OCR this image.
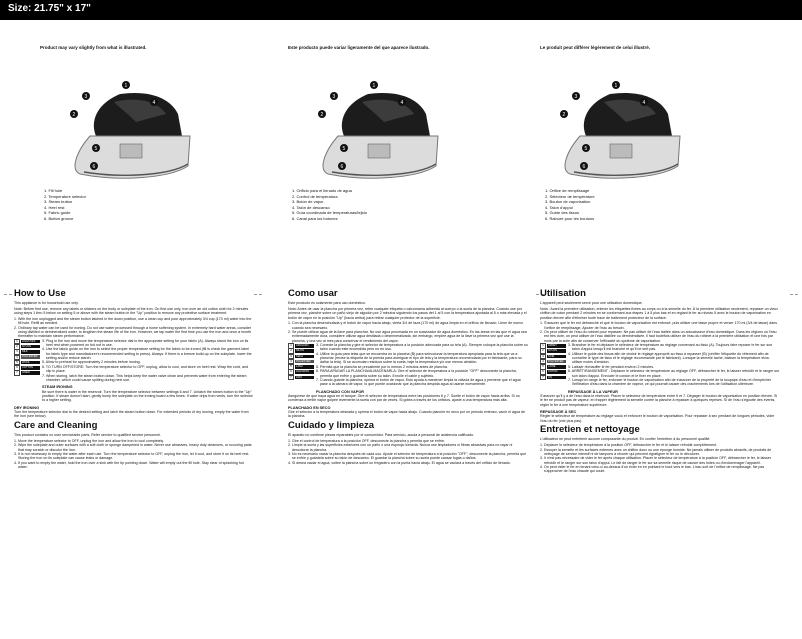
Size: 21.75" x 17"
Product may vary slightly from what is illustrated.	Este producto puede variar ligeramente del que aparece ilustrado.	Le produit peut différer légèrement de celui illustré.
1
2
3
4
5
6
1
2
3
4
5
6
1
2
3
4
5
6
1. Fill hole
2. Temperature selector
3. Steam button
4. Heel rest
5. Fabric guide
6. Button groove
1. Orificio para el llenado de agua
2. Control de temperatura
3. Botón de vapor
4. Talón de descanso
5. Guía coordinada de temperaturas/tejido
6. Canal para los botones
1. Orifice de remplissage
2. Sélecteur de température
3. Bouton de vaporisation
4. Talon d'appui
5. Guide des tissus
6. Rainure pour les boutons
How to Use

This appliance is for household use only.

Note: Before first use, remove any labels or stickers on the body or soleplate of the iron. On first use only, iron over an old cotton cloth for 2 minutes using steps 1 thru 5 below on setting 5 or above with the steam button in the "Up" position to remove any protective surface treatment.

1. With the iron unplugged and the steam button latched in the down position, use a clean cup and pour approximately 3/4 cup (170 ml) water into the fill hole. Refill as needed.
2. Ordinary tap water can be used for ironing. Do not use water processed through a home softening system. In extremely hard water areas, consider using distilled or demineralized water, to lengthen the steam life of the iron. However, we tap water the first time you use the iron and once a month thereafter to maintain steam performance.
1	LIGHT/OFF
2	NYLON
3	SILK
4	POLYESTER
5	WOOL
6	COTTON
7	LINEN
3. Plug in the iron and move the temperature selector dial to the appropriate setting for your fabric (A). Always stand the iron on its heel rest when powered on but not in use.
4. Use the fabric guide on the iron to select the proper temperature setting for the fabric to be ironed (fill is check the garment label for fabric type and manufacturer's recommended setting to press). Always: If there is a breeze build-up on the soleplate, lower the setting and/or reduce starch.
5. Allow to preheat for approximately 2 minutes before ironing.
6. TO TURN OFF/STORE: Turn the temperature selector to OFF, unplug, allow to cool, and store on heel rest. Wrap the cord, and clip in place.
7. When storing, latch the steam button down. This helps keep the water valve clean and prevents water from entering the steam chamber, which could cause spitting during next use.
STEAM IRONING

Be sure there is water in the reservoir. Turn the temperature selector between settings 6 and 7. Unlatch the steam button to the "Up" position. If steam doesn't start, gently bump the soleplate on the ironing board a few times. If water drips from vents, turn the selector to a higher setting.

DRY IRONING

Turn the temperature selector dial to the desired setting and latch the steam button down. For extended periods of dry ironing, empty the water from the iron (see below).

Care and Cleaning

This product contains no user serviceable parts. Refer service to qualified service personnel.

1. Move the temperature selector to OFF, unplug the iron and allow the iron to cool completely.
2. Wipe the soleplate and outer surfaces with a soft cloth or sponge dampened in water. Never use abrasives, heavy duty cleansers, or scouring pads that may scratch or discolor the iron.
3. It is not necessary to empty the water after each use. Turn the temperature selector to OFF, unplug the iron, let it cool, and store it on its heel rest. Storing the iron on its soleplate can cause leaks or damage.
4. If you want to empty the water, hold the iron over a sink with the tip pointing down. Water will empty out the fill hole. Stay clear of splashing hot water.
Como usar

Este producto es solamente para uso doméstico.

Nota: Antes de usar la plancha por primera vez, retire cualquier etiqueta o calcomanía adherida al cuerpo o la suela de la plancha. Cuando use por primera vez, planche sobre un paño viejo de algodón por 2 minutos siguiendo los pasos del 1 al 5 con la temperatura ajustada al 5 o más elevada y el botón de vapor en la posición "Up" (hacia arriba) para retirar cualquier protector de la superficie.

1. Con la plancha desenchufada y el botón de vapor hacia abajo, vierta 3/4 de taza (170 ml) de agua limpia en el orificio de llenado. Llene de nuevo cuando sea necesario.
2. Se puede utilizar agua de la llave para planchar. No use agua procesada en un suavizador de agua doméstico. En las áreas en las que el agua sea extremadamente dura, considere utilizar agua destilada o desmineralizada, sin embargo, emplee agua de la llave la primera vez que use la plancha, y una vez al mes para conservar el rendimiento del vapor.
1	APAGADO
2	NILÓN
3	SEDA
4	POLIÉSTER
5	LANA
6	ALGODÓN
7	LINO
3. Conecte la plancha y gire el selector de temperatura a la posición adecuada para su tela (A). Siempre coloque la plancha sobre su talón cuando este encendida pero no en uso.
4. Utilice la guía para telas que se encuentra en la plancha (B) para seleccionar la temperatura apropiada para la tela que va a planchar (revise la etiqueta de la prenda para averiguar el tipo de tela y la temperatura recomendada por el fabricante, para no dañar la tela). Si se acumulan residuos sobre la suela, baje la temperatura y/o use menos almidón.
5. Permita que la plancha se precaliente por lo menos 2 minutos antes de plancha.
6. PARA APAGAR LA PLANCHA/ALMACENARLA: Gire el selector de temperatura a la posición "OFF" desconecte la plancha, permita que enfríe y guárdela sobre su talón. Enrolle el cable y sujételo.
7. Cuando guarde la plancha, oprima el botón de vapor. Esto ayuda a mantener limpia la válvula de agua y previene que el agua pase a la cámara de vapor, lo que puede ocasionar que la plancha despida agua al usarse nuevamente.
PLANCHADO CON VAPOR

Asegúrese de que haya agua en el tanque. Gire el selector de temperatura entre las posiciones 6 y 7. Suelte el botón de vapor hacia arriba. Si no comienza a emitir vapor golpee levemente la suela con par de veces. Si gotea a través de los orificios, ajuste a una temperatura más alta.

PLANCHADO EN SECO

Gire el selector a la temperatura deseada y oprima el botón de vapor hacia abajo. Cuando planche en seco por un periodo extenso, vacíe el agua de la plancha.

Cuidado y limpieza

El aparato no contiene piezas reparables por el consumidor. Para servicio, acuda a personal de asistencia calificado.

1. Gire el control de temperatura a la posición OFF, desconecte la plancha y permita que se enfríe.
2. Limpie la suela y las superficies exteriores con un paño o una esponja húmeda. Nunca use limpiadores ni fibras abrasivas para no rayar ni descolorar la plancha.
3. No es necesario vaciar la plancha después de cada uso. Ajuste el selector de temperatura a la posición "OFF", desconecte la plancha, permita que se enfríe y guárdela sobre su talón de descanso. El guardar la plancha sobre su suela puede causar fugas o daños.
4. Si desea vaciar el agua, voltee la plancha sobre un fregadero con la punta hacia abajo. El agua se vaciará a través del orificio de llenado.
Utilisation

L'appareil peut seulement servir pour une utilisation domestique.

Nota : Avant la première utilisation, enlever les étiquettes fixées au corps ou à la semelle du fer. À la première utilisation seulement, repasser un vieux chiffon de coton pendant 2 minutes en se conformant aux étapes 1 à 5 plus bas et en réglant le fer au niveau 5 avec le bouton de vaporisation en position élevée afin d'éliminer toute trace de traitement protecteur de la surface.

1. S'assurer que le fer est débranché et que le bouton de vaporisation est enfoncé, puis utiliser une tasse propre et verser 170 ml (3/4 de tasse) dans l'orifice de remplissage. Ajouter de l'eau au besoin.
2. On peut utiliser de l'eau du robinet pour repasser. Ne pas utiliser de l'eau traitée dans un adoucisseur d'eau domestique. Dans les régions où l'eau est très dure, on peut utiliser de l'eau distillée ou déminéralisée. Il faut toutefois utiliser de l'eau du robinet à la première utilisation et une fois par mois par la suite afin de conserver l'efficacité du système de vaporisation.
1	ARRÊT
2	NYLON
3	SOIE
4	POLYESTER
5	LAINE
6	COTON
7	LIN
3. Brancher le fer et déplacer le sélecteur de température au réglage convenant au tissu (A). Toujours faire reposer le fer sur son talon d'appui lorsqu'il est branché et qu'il ne sert pas.
4. Utiliser le guide des tissus afin de choisir le réglage approprié au tissu à repasser (B) (vérifier l'étiquette du vêtement afin de connaître le type de tissu et le réglage recommandé par le fabricant). Lorsque la semelle tache, baisser la température et/ou utiliser moins d'amidon.
5. Laisser réchauffer le fer pendant environ 2 minutes.
6. ARRÊT/RANGEMENT : Déplacer le sélecteur de température au réglage OFF, débrancher le fer, le laisser refroidir et le ranger sur son talon d'appui. Enrouler le cordon et le fixer en place.
7. Lorsqu'on range le fer, enfoncer le bouton de vaporisation afin de s'assurer de la propreté de la soupape d'eau et d'empêcher l'infiltration d'eau dans la chambre de vapeur, ce qui pourrait causer des crachements lors de l'utilisation ultérieure.
REPASSAGE À LA VAPEUR

S'assurer qu'il y a de l'eau dans le réservoir. Placer le sélecteur de température entre 6 et 7. Dégager le bouton de vaporisation en position élevée. Si le fer ne produit pas de vapeur, en frapper légèrement la semelle contre la planche à repasser à quelques reprises. Si de l'eau s'égoutte des évents, régler le fer à une température supérieure.

REPASSAGE À SEC

Régler le sélecteur de température au réglage voulu et enfoncer le bouton de vaporisation. Pour repasser à sec pendant de longues périodes, vider l'eau du fer (voir plus pas).

Entretien et nettoyage

L'utilisateur ne peut entretenir aucune composante du produit. En confier l'entretien à du personnel qualifié.

1. Déplacer le sélecteur de température à la position OFF, débrancher le fer et le laisser refroidir complètement.
2. Essuyer la semelle et les surfaces externes avec un chiffon doux ou une éponge humide. Ne jamais utiliser de produits abrasifs, de produits de nettoyage de service intensif ni de tampons à récurer qui peuvent égratigner le fer ou le décolorer.
3. Il n'est pas nécessaire de vider le fer après chaque utilisation. Placer le sélecteur de température à la position OFF, débrancher le fer, le laisser refroidir et le ranger sur son talon d'appui. Le fait de ranger le fer sur sa semelle risque de causer des fuites ou d'endommager l'appareil.
4. On peut vider le fer en tenant celui-ci au-dessus d'un évier en en pointant le bout vers le bas. L'eau sort de l'orifice de remplissage. Ne pas s'approcher de l'eau chaude qui coule.
